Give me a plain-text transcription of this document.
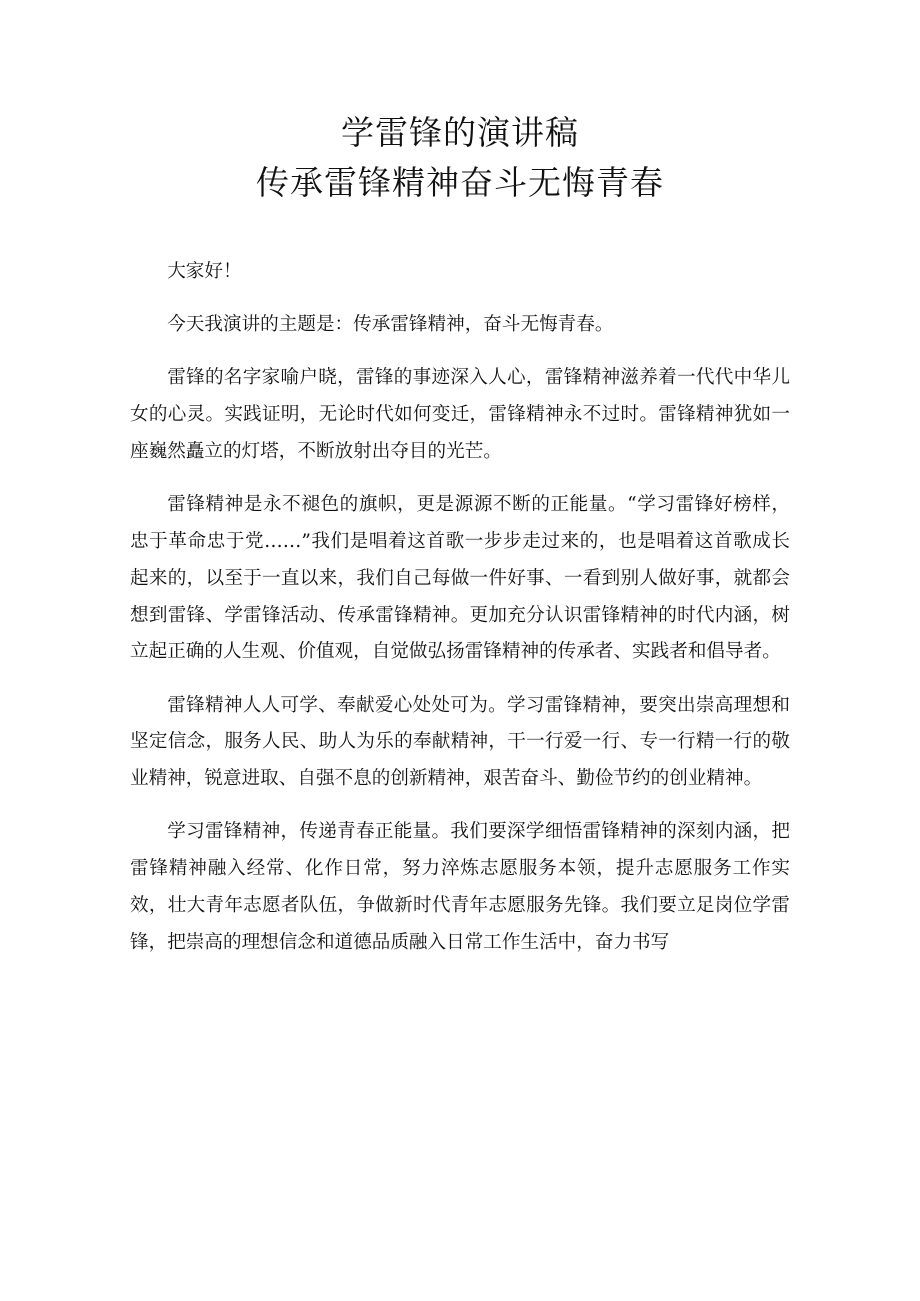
学雷锋的演讲稿
传承雷锋精神奋斗无悔青春

大家好！

今天我演讲的主题是：传承雷锋精神，奋斗无悔青春。

雷锋的名字家喻户晓，雷锋的事迹深入人心，雷锋精神滋养着一代代中华儿女的心灵。实践证明，无论时代如何变迁，雷锋精神永不过时。雷锋精神犹如一座巍然矗立的灯塔，不断放射出夺目的光芒。

雷锋精神是永不褪色的旗帜，更是源源不断的正能量。“学习雷锋好榜样，忠于革命忠于党……”我们是唱着这首歌一步步走过来的，也是唱着这首歌成长起来的，以至于一直以来，我们自己每做一件好事、一看到别人做好事，就都会想到雷锋、学雷锋活动、传承雷锋精神。更加充分认识雷锋精神的时代内涵，树立起正确的人生观、价值观，自觉做弘扬雷锋精神的传承者、实践者和倡导者。

雷锋精神人人可学、奉献爱心处处可为。学习雷锋精神，要突出崇高理想和坚定信念，服务人民、助人为乐的奉献精神，干一行爱一行、专一行精一行的敬业精神，锐意进取、自强不息的创新精神，艰苦奋斗、勤俭节约的创业精神。

学习雷锋精神，传递青春正能量。我们要深学细悟雷锋精神的深刻内涵，把雷锋精神融入经常、化作日常，努力淬炼志愿服务本领，提升志愿服务工作实效，壮大青年志愿者队伍，争做新时代青年志愿服务先锋。我们要立足岗位学雷锋，把崇高的理想信念和道德品质融入日常工作生活中，奋力书写
